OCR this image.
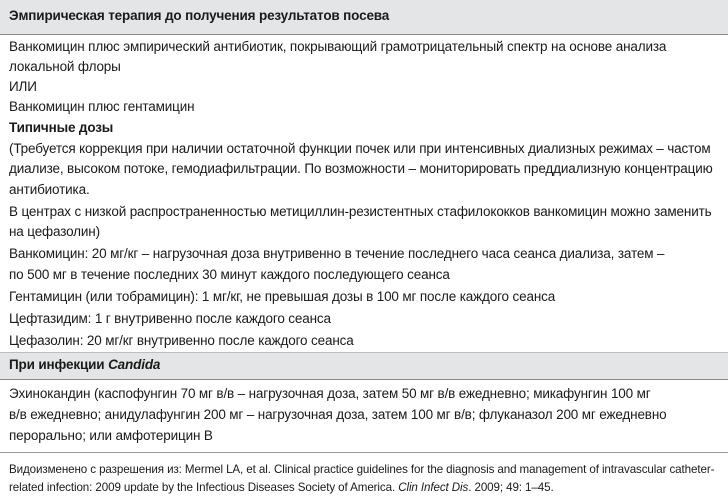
Эмпирическая терапия до получения результатов посева
Ванкомицин плюс эмпирический антибиотик, покрывающий грамотрицательный спектр на основе анализа
локальной флоры
ИЛИ
Ванкомицин плюс гентамицин
Типичные дозы
(Требуется коррекция при наличии остаточной функции почек или при интенсивных диализных режимах – частом
диализе, высоком потоке, гемодиафильтрации. По возможности – мониторировать преддиализную концентрацию
антибиотика.
В центрах с низкой распространенностью метициллин-резистентных стафилококков ванкомицин можно заменить
на цефазолин)
Ванкомицин: 20 мг/кг – нагрузочная доза внутривенно в течение последнего часа сеанса диализа, затем –
по 500 мг в течение последних 30 минут каждого последующего сеанса
Гентамицин (или тобрамицин): 1 мг/кг, не превышая дозы в 100 мг после каждого сеанса
Цефтазидим: 1 г внутривенно после каждого сеанса
Цефазолин: 20 мг/кг внутривенно после каждого сеанса
При инфекции Candida
Эхинокандин (каспофунгин 70 мг в/в – нагрузочная доза, затем 50 мг в/в ежедневно; микафунгин 100 мг
в/в ежедневно; анидулафунгин 200 мг – нагрузочная доза, затем 100 мг в/в; флуканазол 200 мг ежедневно
перорально; или амфотерицин В
Видоизменено с разрешения из: Mermel LA, et al. Clinical practice guidelines for the diagnosis and management of intravascular catheter-
related infection: 2009 update by the Infectious Diseases Society of America. Clin Infect Dis. 2009; 49: 1–45.
